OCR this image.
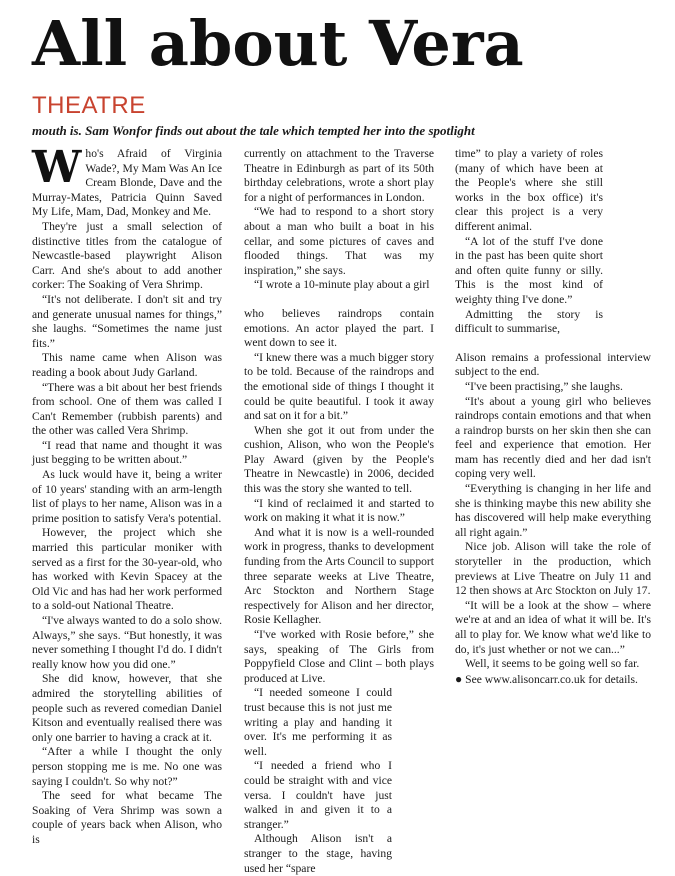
All about Vera
THEATRE
mouth is. Sam Wonfor finds out about the tale which tempted her into the spotlight

Who's Afraid of Virginia Wade?, My Mam Was An Ice Cream Blonde, Dave and the Murray-Mates, Patricia Quinn Saved My Life, Mam, Dad, Monkey and Me.

They're just a small selection of distinctive titles from the catalogue of Newcastle-based playwright Alison Carr. And she's about to add another corker: The Soaking of Vera Shrimp.

“It's not deliberate. I don't sit and try and generate unusual names for things,” she laughs. “Sometimes the name just fits.”

This name came when Alison was reading a book about Judy Garland.

“There was a bit about her best friends from school. One of them was called I Can't Remember (rubbish parents) and the other was called Vera Shrimp.

“I read that name and thought it was just begging to be written about.”

As luck would have it, being a writer of 10 years' standing with an arm-length list of plays to her name, Alison was in a prime position to satisfy Vera's potential.

However, the project which she married this particular moniker with served as a first for the 30-year-old, who has worked with Kevin Spacey at the Old Vic and has had her work performed to a sold-out National Theatre.

“I've always wanted to do a solo show. Always,” she says. “But honestly, it was never something I thought I'd do. I didn't really know how you did one.”

She did know, however, that she admired the storytelling abilities of people such as revered comedian Daniel Kitson and eventually realised there was only one barrier to having a crack at it.

“After a while I thought the only person stopping me is me. No one was saying I couldn't. So why not?”

The seed for what became The Soaking of Vera Shrimp was sown a couple of years back when Alison, who is

currently on attachment to the Traverse Theatre in Edinburgh as part of its 50th birthday celebrations, wrote a short play for a night of performances in London.

“We had to respond to a short story about a man who built a boat in his cellar, and some pictures of caves and flooded things. That was my inspiration,” she says.

“I wrote a 10-minute play about a girl

who believes raindrops contain emotions. An actor played the part. I went down to see it.

“I knew there was a much bigger story to be told. Because of the raindrops and the emotional side of things I thought it could be quite beautiful. I took it away and sat on it for a bit.”

When she got it out from under the cushion, Alison, who won the People's Play Award (given by the People's Theatre in Newcastle) in 2006, decided this was the story she wanted to tell.

“I kind of reclaimed it and started to work on making it what it is now.”

And what it is now is a well-rounded work in progress, thanks to development funding from the Arts Council to support three separate weeks at Live Theatre, Arc Stockton and Northern Stage respectively for Alison and her director, Rosie Kellagher.

“I've worked with Rosie before,” she says, speaking of The Girls from Poppyfield Close and Clint – both plays produced at Live.

“I needed someone I could trust because this is not just me writing a play and handing it over. It's me performing it as well.

“I needed a friend who I could be straight with and vice versa. I couldn't have just walked in and given it to a stranger.”

Although Alison isn't a stranger to the stage, having used her “spare

time” to play a variety of roles (many of which have been at the People's where she still works in the box office) it's clear this project is a very different animal.

“A lot of the stuff I've done in the past has been quite short and often quite funny or silly. This is the most kind of weighty thing I've done.”

Admitting the story is difficult to summarise,

Alison remains a professional interview subject to the end.

“I've been practising,” she laughs.

“It's about a young girl who believes raindrops contain emotions and that when a raindrop bursts on her skin then she can feel and experience that emotion. Her mam has recently died and her dad isn't coping very well.

“Everything is changing in her life and she is thinking maybe this new ability she has discovered will help make everything all right again.”

Nice job. Alison will take the role of storyteller in the production, which previews at Live Theatre on July 11 and 12 then shows at Arc Stockton on July 17.

“It will be a look at the show – where we're at and an idea of what it will be. It's all to play for. We know what we'd like to do, it's just whether or not we can...”

Well, it seems to be going well so far.

● See www.alisoncarr.co.uk for details.
